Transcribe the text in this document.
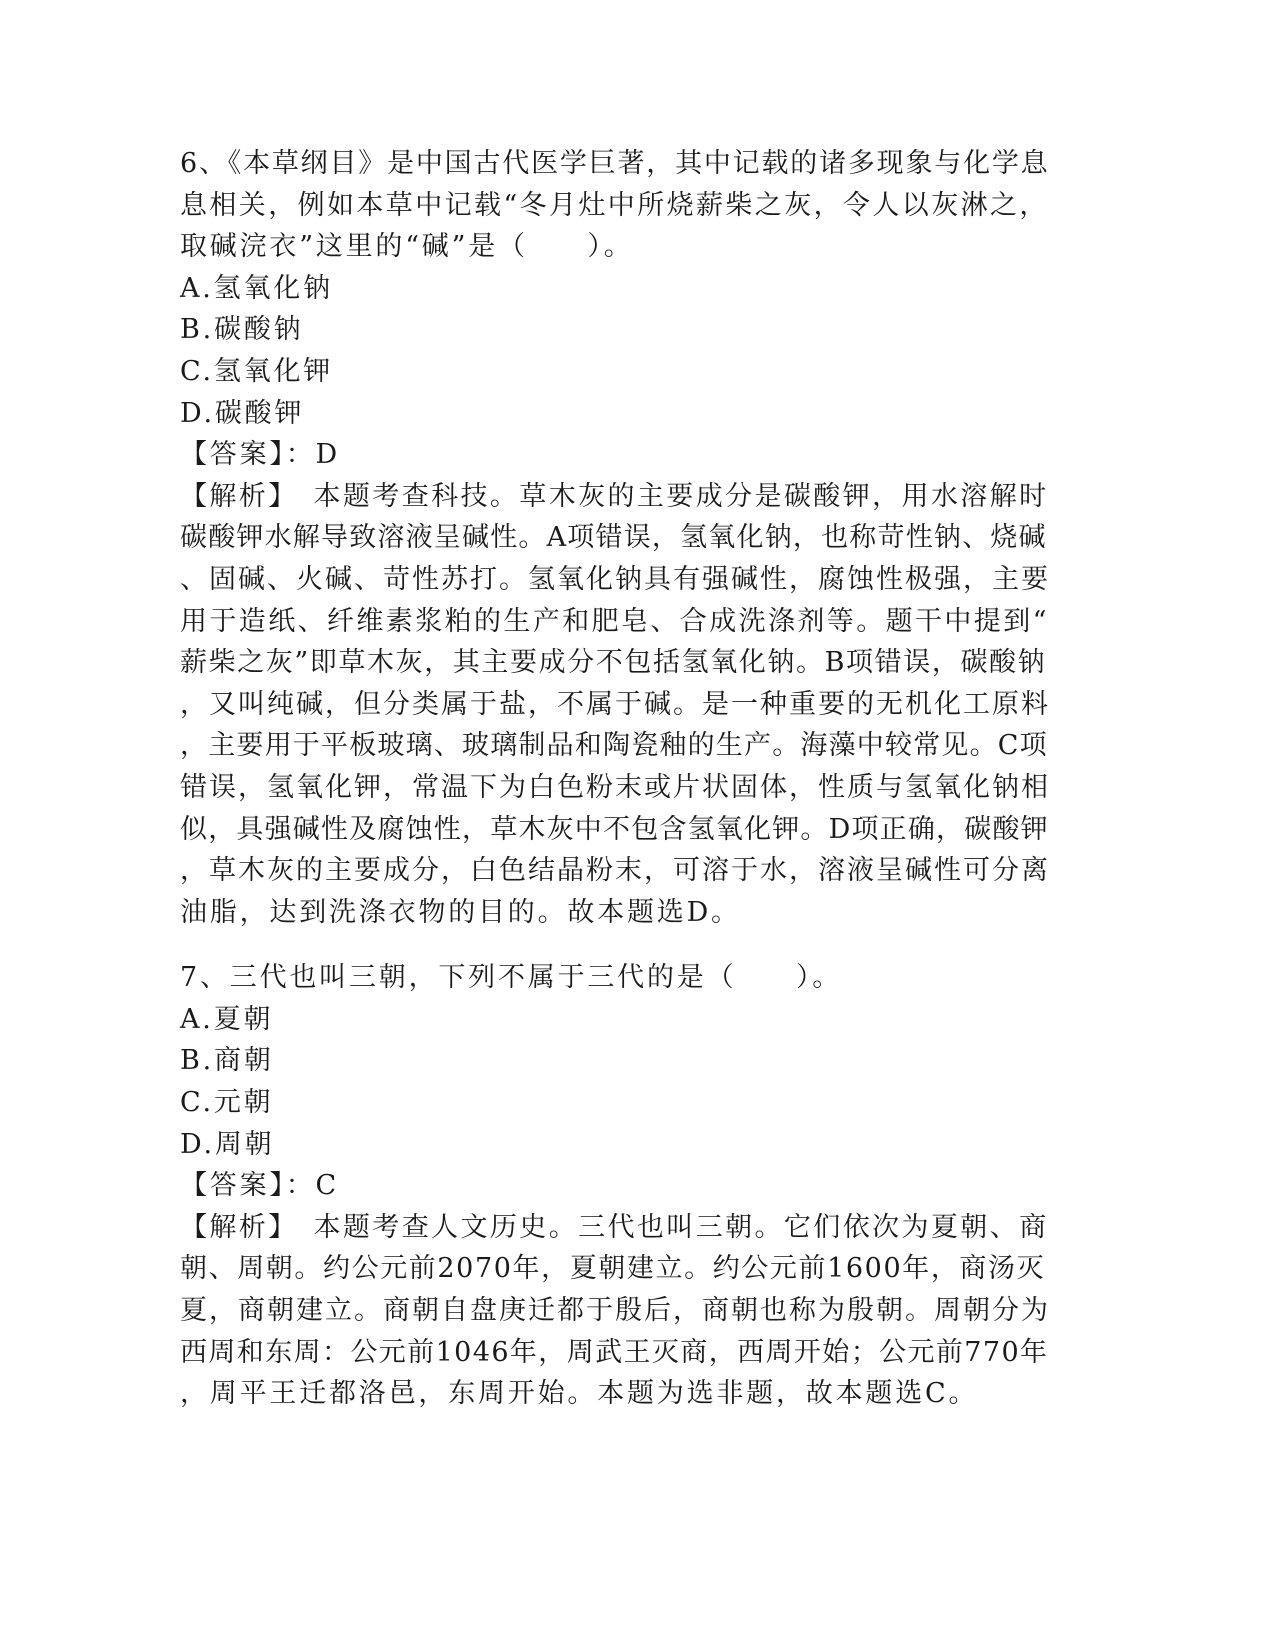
6、《本草纲目》是中国古代医学巨著，其中记载的诸多现象与化学息
息相关，例如本草中记载“冬月灶中所烧薪柴之灰，令人以灰淋之，
取碱浣衣”这里的“碱”是（　　）。
A.氢氧化钠
B.碳酸钠
C.氢氧化钾
D.碳酸钾
【答案】：D
【解析】　本题考查科技。草木灰的主要成分是碳酸钾，用水溶解时
碳酸钾水解导致溶液呈碱性。A项错误，氢氧化钠，也称苛性钠、烧碱
、固碱、火碱、苛性苏打。氢氧化钠具有强碱性，腐蚀性极强，主要
用于造纸、纤维素浆粕的生产和肥皂、合成洗涤剂等。题干中提到“
薪柴之灰”即草木灰，其主要成分不包括氢氧化钠。B项错误，碳酸钠
，又叫纯碱，但分类属于盐，不属于碱。是一种重要的无机化工原料
，主要用于平板玻璃、玻璃制品和陶瓷釉的生产。海藻中较常见。C项
错误，氢氧化钾，常温下为白色粉末或片状固体，性质与氢氧化钠相
似，具强碱性及腐蚀性，草木灰中不包含氢氧化钾。D项正确，碳酸钾
，草木灰的主要成分，白色结晶粉末，可溶于水，溶液呈碱性可分离
油脂，达到洗涤衣物的目的。故本题选D。
7、三代也叫三朝，下列不属于三代的是（　　）。
A.夏朝
B.商朝
C.元朝
D.周朝
【答案】：C
【解析】　本题考查人文历史。三代也叫三朝。它们依次为夏朝、商
朝、周朝。约公元前2070年，夏朝建立。约公元前1600年，商汤灭
夏，商朝建立。商朝自盘庚迁都于殷后，商朝也称为殷朝。周朝分为
西周和东周：公元前1046年，周武王灭商，西周开始；公元前770年
，周平王迁都洛邑，东周开始。本题为选非题，故本题选C。
